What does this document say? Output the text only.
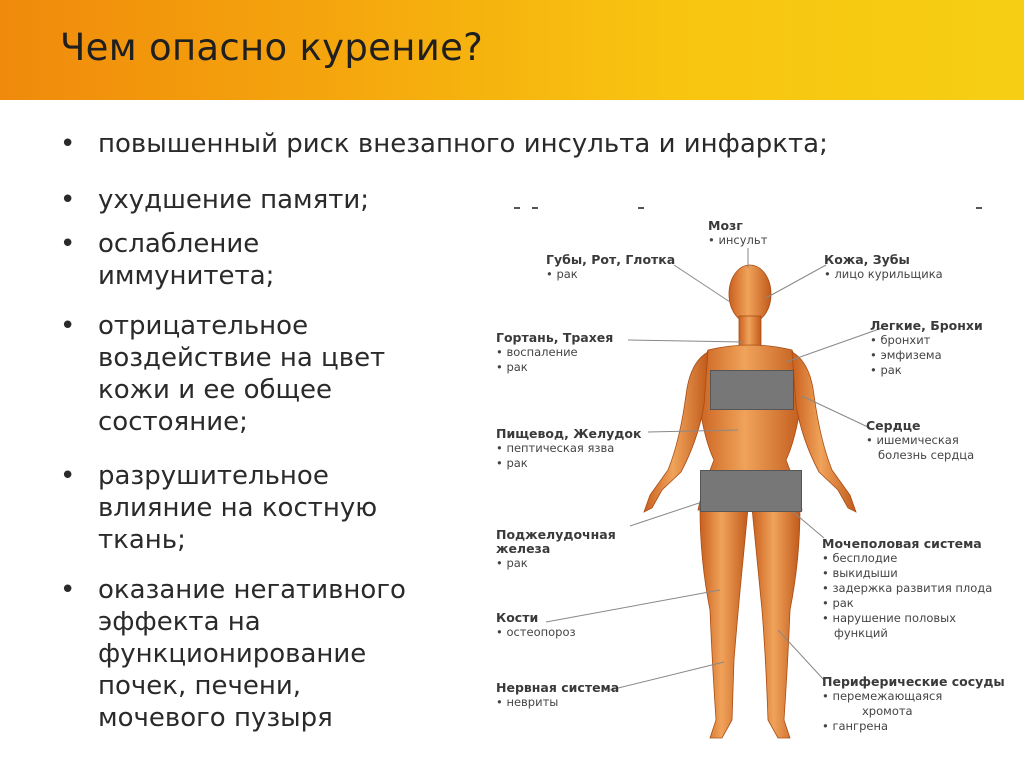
Чем опасно курение?
• повышенный риск внезапного инсульта и инфаркта;
• ухудшение памяти;
• ослабление
иммунитета;
• отрицательное
воздействие на цвет
кожи и ее общее
состояние;
• разрушительное
влияние на костную
ткань;
• оказание негативного
эффекта на
функционирование
почек, печени,
мочевого пузыря
Мозг
• инсульт
Губы, Рот, Глотка
• рак
Кожа, Зубы
• лицо курильщика
Гортань, Трахея
• воспаление
• рак
Легкие, Бронхи
• бронхит
• эмфизема
• рак
Пищевод, Желудок
• пептическая язва
• рак
Сердце
• ишемическая
болезнь сердца
Поджелудочная
железа
• рак
Мочеполовая система
• бесплодие
• выкидыши
• задержка развития плода
• рак
• нарушение половых
функций
Кости
• остеопороз
Нервная система
• невриты
Периферические сосуды
• перемежающаяся
хромота
• гангрена
